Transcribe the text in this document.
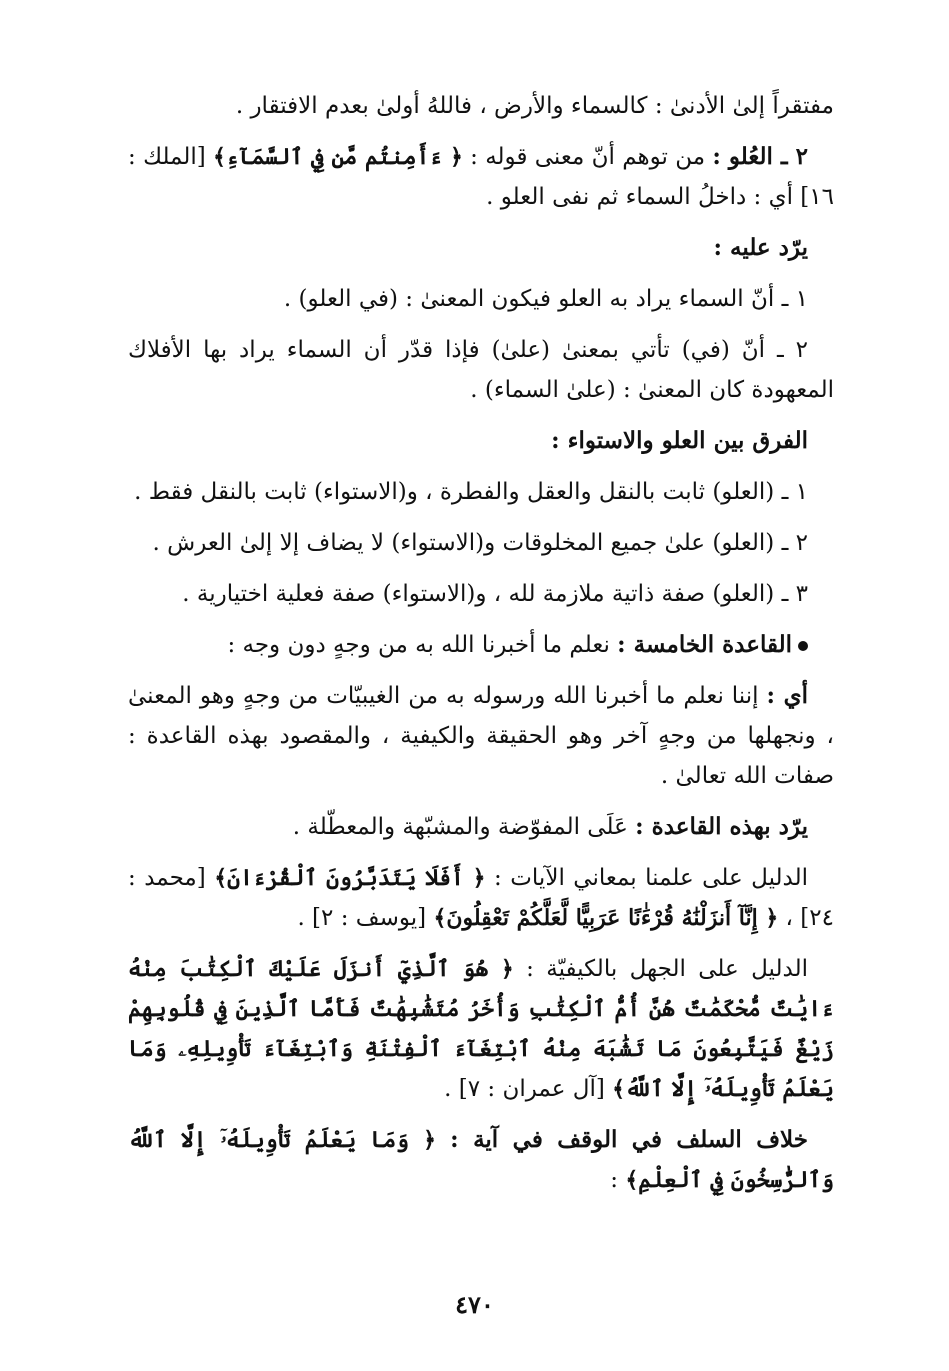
مفتقراً إلىٰ الأدنىٰ : كالسماء والأرض ، فاللهُ أولىٰ بعدم الافتقار .

٢ ـ العُلو : من توهم أنّ معنى قوله : ﴿ ءَأَمِنتُم مَّن فِي ٱلسَّمَآءِ﴾ [الملك : ١٦] أي : داخلُ السماء ثم نفى العلو .

يرّد عليه :

١ ـ أنّ السماء يراد به العلو فيكون المعنىٰ : (في العلو) .

٢ ـ أنّ (في) تأتي بمعنىٰ (علىٰ) فإذا قدّر أن السماء يراد بها الأفلاك المعهودة كان المعنىٰ : (علىٰ السماء) .

الفرق بين العلو والاستواء :

١ ـ (العلو) ثابت بالنقل والعقل والفطرة ، و(الاستواء) ثابت بالنقل فقط .

٢ ـ (العلو) علىٰ جميع المخلوقات و(الاستواء) لا يضاف إلا إلىٰ العرش .

٣ ـ (العلو) صفة ذاتية ملازمة لله ، و(الاستواء) صفة فعلية اختيارية .

القاعدة الخامسة : نعلم ما أخبرنا الله به من وجهٍ دون وجه :

أي : إننا نعلم ما أخبرنا الله ورسوله به من الغيبيّات من وجهٍ وهو المعنىٰ ، ونجهلها من وجهٍ آخر وهو الحقيقة والكيفية ، والمقصود بهذه القاعدة : صفات الله تعالىٰ .

يرّد بهذه القاعدة : عَلَى المفوّضة والمشبّهة والمعطّلة .

الدليل على علمنا بمعاني الآيات : ﴿ أَفَلَا يَتَدَبَّرُونَ ٱلْقُرْءَانَ﴾ [محمد : ٢٤] ، ﴿ إِنَّآ أَنزَلْنَٰهُ قُرْءَٰنًا عَرَبِيًّا لَّعَلَّكُمْ تَعْقِلُونَ﴾ [يوسف : ٢] .

الدليل على الجهل بالكيفيّة : ﴿ هُوَ ٱلَّذِيٓ أَنزَلَ عَلَيْكَ ٱلْكِتَٰبَ مِنْهُ ءَايَٰتٌ مُّحْكَمَٰتٌ هُنَّ أُمُّ ٱلْكِتَٰبِ وَأُخَرُ مُتَشَٰبِهَٰتٌ فَأَمَّا ٱلَّذِينَ فِي قُلُوبِهِمْ زَيْغٌ فَيَتَّبِعُونَ مَا تَشَٰبَهَ مِنْهُ ٱبْتِغَآءَ ٱلْفِتْنَةِ وَٱبْتِغَآءَ تَأْوِيلِهِۦ وَمَا يَعْلَمُ تَأْوِيلَهُۥٓ إِلَّا ٱللَّهُ﴾ [آل عمران : ٧] .

خلاف السلف في الوقف في آية : ﴿ وَمَا يَعْلَمُ تَأْوِيلَهُۥٓ إِلَّا ٱللَّهُ وَٱلرَّٰسِخُونَ فِي ٱلْعِلْمِ﴾ :

٤٧٠
